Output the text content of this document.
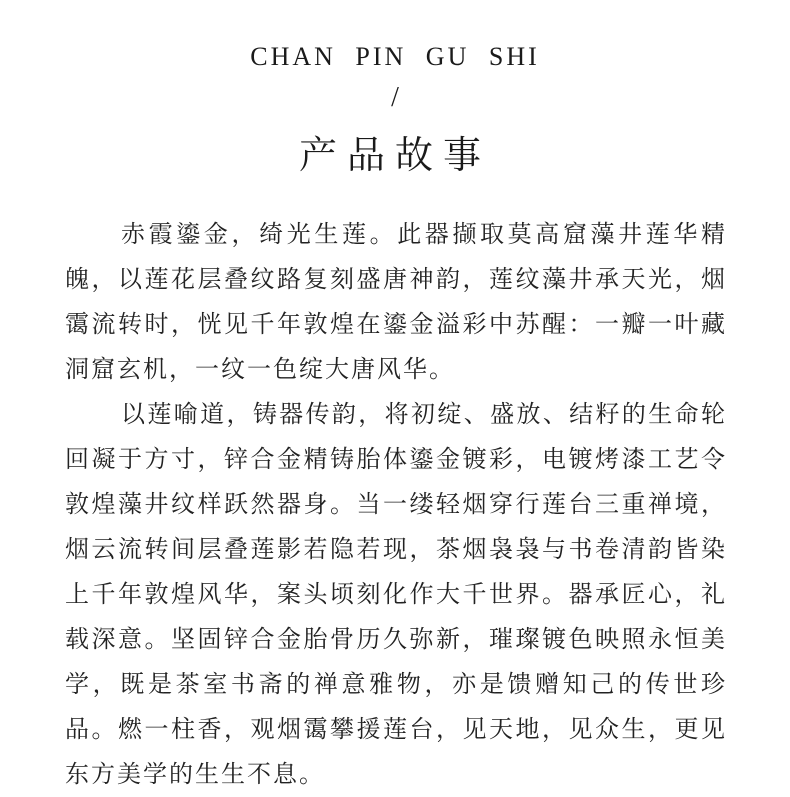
CHAN PIN GU SHI
/
产品故事

赤霞鎏金，绮光生莲。此器撷取莫高窟藻井莲华精魄，以莲花层叠纹路复刻盛唐神韵，莲纹藻井承天光，烟霭流转时，恍见千年敦煌在鎏金溢彩中苏醒：一瓣一叶藏洞窟玄机，一纹一色绽大唐风华。

以莲喻道，铸器传韵，将初绽、盛放、结籽的生命轮回凝于方寸，锌合金精铸胎体鎏金镀彩，电镀烤漆工艺令敦煌藻井纹样跃然器身。当一缕轻烟穿行莲台三重禅境，烟云流转间层叠莲影若隐若现，茶烟袅袅与书卷清韵皆染上千年敦煌风华，案头顷刻化作大千世界。器承匠心，礼载深意。坚固锌合金胎骨历久弥新，璀璨镀色映照永恒美学，既是茶室书斋的禅意雅物，亦是馈赠知己的传世珍品。燃一柱香，观烟霭攀援莲台，见天地，见众生，更见东方美学的生生不息。
